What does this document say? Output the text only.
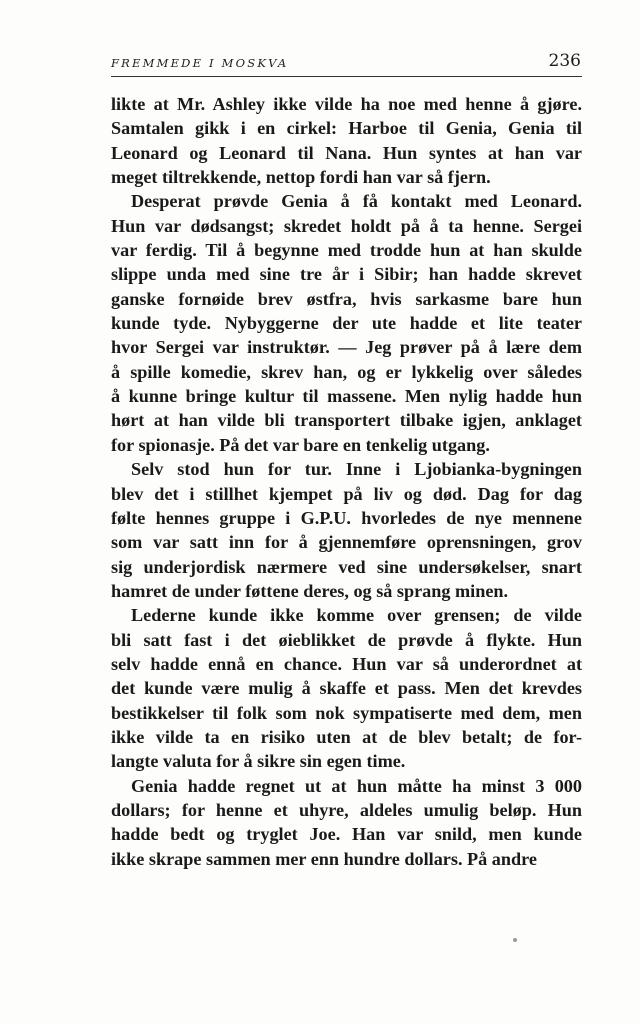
FREMMEDE I MOSKVA	236
likte at Mr. Ashley ikke vilde ha noe med henne å gjøre.
Samtalen gikk i en cirkel: Harboe til Genia, Genia til
Leonard og Leonard til Nana. Hun syntes at han var
meget tiltrekkende, nettop fordi han var så fjern.
Desperat prøvde Genia å få kontakt med Leonard.
Hun var dødsangst; skredet holdt på å ta henne. Sergei
var ferdig. Til å begynne med trodde hun at han skulde
slippe unda med sine tre år i Sibir; han hadde skrevet
ganske fornøide brev østfra, hvis sarkasme bare hun
kunde tyde. Nybyggerne der ute hadde et lite teater
hvor Sergei var instruktør. — Jeg prøver på å lære dem
å spille komedie, skrev han, og er lykkelig over således
å kunne bringe kultur til massene. Men nylig hadde hun
hørt at han vilde bli transportert tilbake igjen, anklaget
for spionasje. På det var bare en tenkelig utgang.
Selv stod hun for tur. Inne i Ljobianka-bygningen
blev det i stillhet kjempet på liv og død. Dag for dag
følte hennes gruppe i G.P.U. hvorledes de nye mennene
som var satt inn for å gjennemføre oprensningen, grov
sig underjordisk nærmere ved sine undersøkelser, snart
hamret de under føttene deres, og så sprang minen.
Lederne kunde ikke komme over grensen; de vilde
bli satt fast i det øieblikket de prøvde å flykte. Hun
selv hadde ennå en chance. Hun var så underordnet at
det kunde være mulig å skaffe et pass. Men det krevdes
bestikkelser til folk som nok sympatiserte med dem, men
ikke vilde ta en risiko uten at de blev betalt; de for-
langte valuta for å sikre sin egen time.
Genia hadde regnet ut at hun måtte ha minst 3 000
dollars; for henne et uhyre, aldeles umulig beløp. Hun
hadde bedt og tryglet Joe. Han var snild, men kunde
ikke skrape sammen mer enn hundre dollars. På andre
